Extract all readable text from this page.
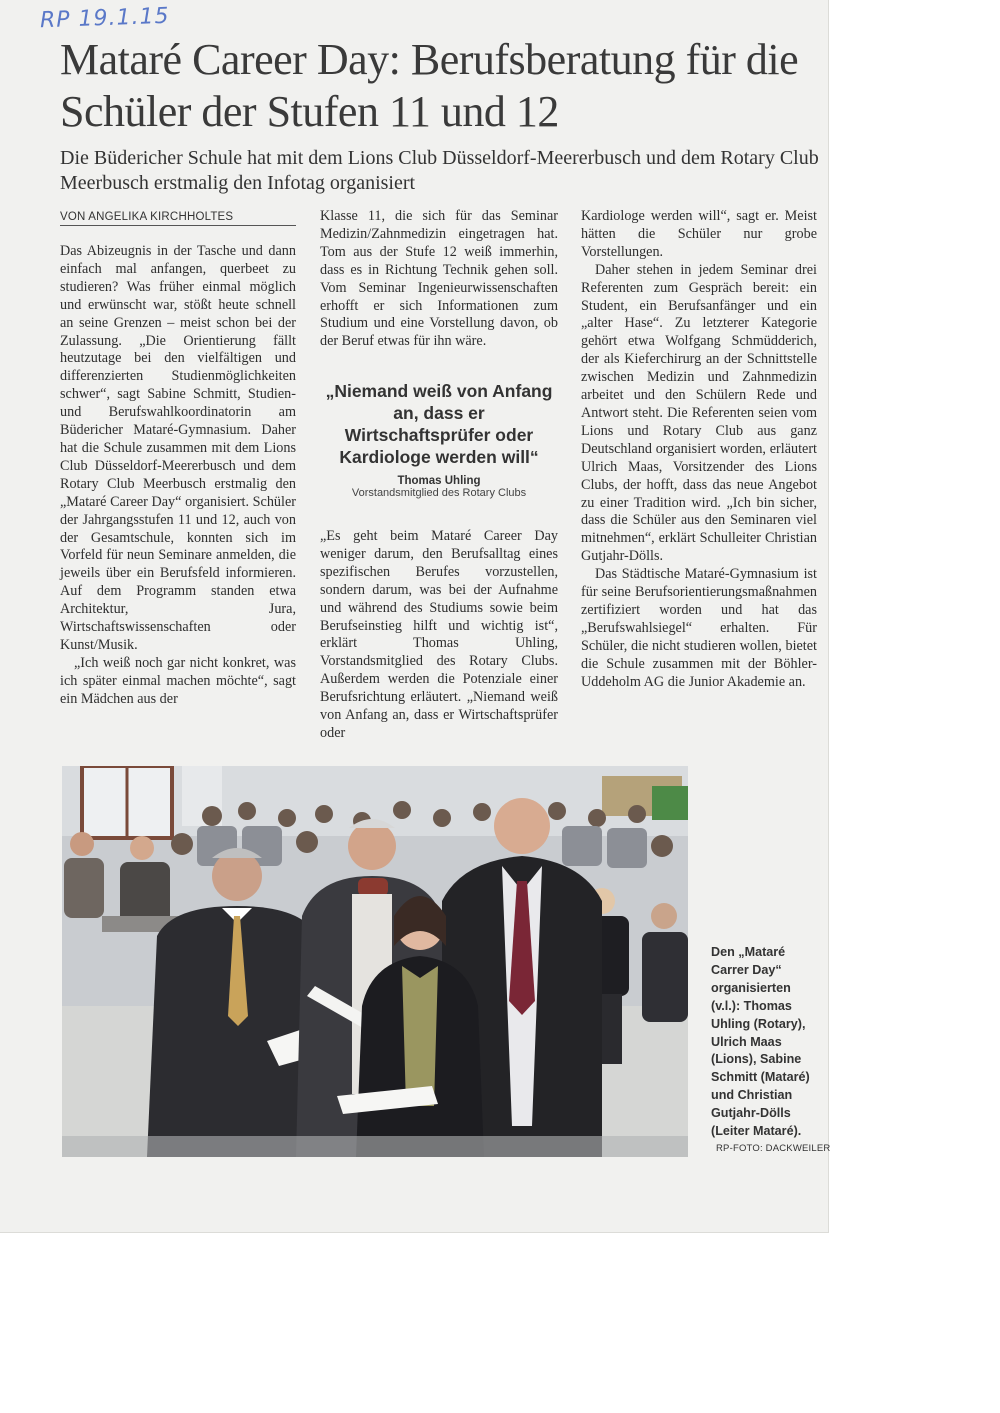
RP 19.1.15
Mataré Career Day: Berufsberatung für die Schüler der Stufen 11 und 12

Die Büdericher Schule hat mit dem Lions Club Düsseldorf-Meererbusch und dem Rotary Club Meerbusch erstmalig den Infotag organisiert

VON ANGELIKA KIRCHHOLTES

Das Abizeugnis in der Tasche und dann einfach mal anfangen, querbeet zu studieren? Was früher einmal möglich und erwünscht war, stößt heute schnell an seine Grenzen – meist schon bei der Zulassung. „Die Orientierung fällt heutzutage bei den vielfältigen und differenzierten Studienmöglichkeiten schwer“, sagt Sabine Schmitt, Studien- und Berufswahlkoordinatorin am Büdericher Mataré-Gymnasium. Daher hat die Schule zusammen mit dem Lions Club Düsseldorf-Meererbusch und dem Rotary Club Meerbusch erstmalig den „Mataré Career Day“ organisiert. Schüler der Jahrgangsstufen 11 und 12, auch von der Gesamtschule, konnten sich im Vorfeld für neun Seminare anmelden, die jeweils über ein Berufsfeld informieren. Auf dem Programm standen etwa Architektur, Jura, Wirtschaftswissenschaften oder Kunst/Musik.

„Ich weiß noch gar nicht konkret, was ich später einmal machen möchte“, sagt ein Mädchen aus der

Klasse 11, die sich für das Seminar Medizin/Zahnmedizin eingetragen hat. Tom aus der Stufe 12 weiß immerhin, dass es in Richtung Technik gehen soll. Vom Seminar Ingenieurwissenschaften erhofft er sich Informationen zum Studium und eine Vorstellung davon, ob der Beruf etwas für ihn wäre.

„Niemand weiß von Anfang an, dass er Wirtschaftsprüfer oder Kardiologe werden will“

Thomas Uhling
Vorstandsmitglied des Rotary Clubs

„Es geht beim Mataré Career Day weniger darum, den Berufsalltag eines spezifischen Berufes vorzustellen, sondern darum, was bei der Aufnahme und während des Studiums sowie beim Berufseinstieg hilft und wichtig ist“, erklärt Thomas Uhling, Vorstandsmitglied des Rotary Clubs. Außerdem werden die Potenziale einer Berufsrichtung erläutert. „Niemand weiß von Anfang an, dass er Wirtschaftsprüfer oder

Kardiologe werden will“, sagt er. Meist hätten die Schüler nur grobe Vorstellungen.

Daher stehen in jedem Seminar drei Referenten zum Gespräch bereit: ein Student, ein Berufsanfänger und ein „alter Hase“. Zu letzterer Kategorie gehört etwa Wolfgang Schmüdderich, der als Kieferchirurg an der Schnittstelle zwischen Medizin und Zahnmedizin arbeitet und den Schülern Rede und Antwort steht. Die Referenten seien vom Lions und Rotary Club aus ganz Deutschland organisiert worden, erläutert Ulrich Maas, Vorsitzender des Lions Clubs, der hofft, dass das neue Angebot zu einer Tradition wird. „Ich bin sicher, dass die Schüler aus den Seminaren viel mitnehmen“, erklärt Schulleiter Christian Gutjahr-Dölls.

Das Städtische Mataré-Gymnasium ist für seine Berufsorientierungsmaßnahmen zertifiziert worden und hat das „Berufswahlsiegel“ erhalten. Für Schüler, die nicht studieren wollen, bietet die Schule zusammen mit der Böhler-Uddeholm AG die Junior Akademie an.

Den „Mataré Carrer Day“ organisierten (v.l.): Thomas Uhling (Rotary), Ulrich Maas (Lions), Sabine Schmitt (Mataré) und Christian Gutjahr-Dölls (Leiter Mataré).
RP-FOTO: DACKWEILER
